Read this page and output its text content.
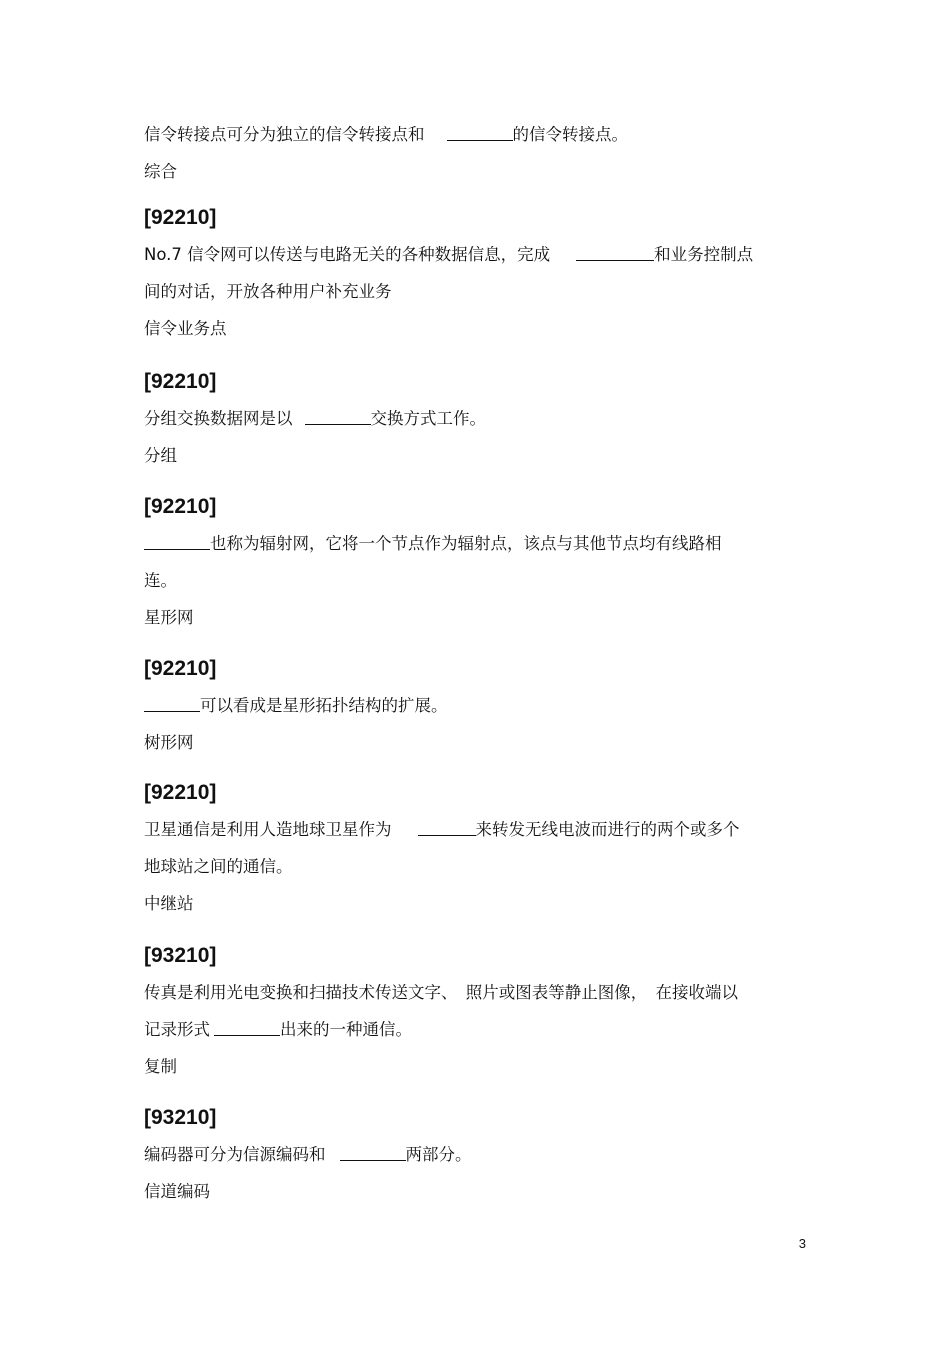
信令转接点可分为独立的信令转接点和	的信令转接点。
综合
[92210]
No.7 信令网可以传送与电路无关的各种数据信息，完成	和业务控制点
间的对话，开放各种用户补充业务
信令业务点
[92210]
分组交换数据网是以	交换方式工作。
分组
[92210]
也称为辐射网，它将一个节点作为辐射点，该点与其他节点均有线路相
连。
星形网
[92210]
可以看成是星形拓扑结构的扩展。
树形网
[92210]
卫星通信是利用人造地球卫星作为	来转发无线电波而进行的两个或多个
地球站之间的通信。
中继站
[93210]
传真是利用光电变换和扫描技术传送文字、　照片或图表等静止图像，　在接收端以
记录形式	出来的一种通信。
复制
[93210]
编码器可分为信源编码和	两部分。
信道编码
3
